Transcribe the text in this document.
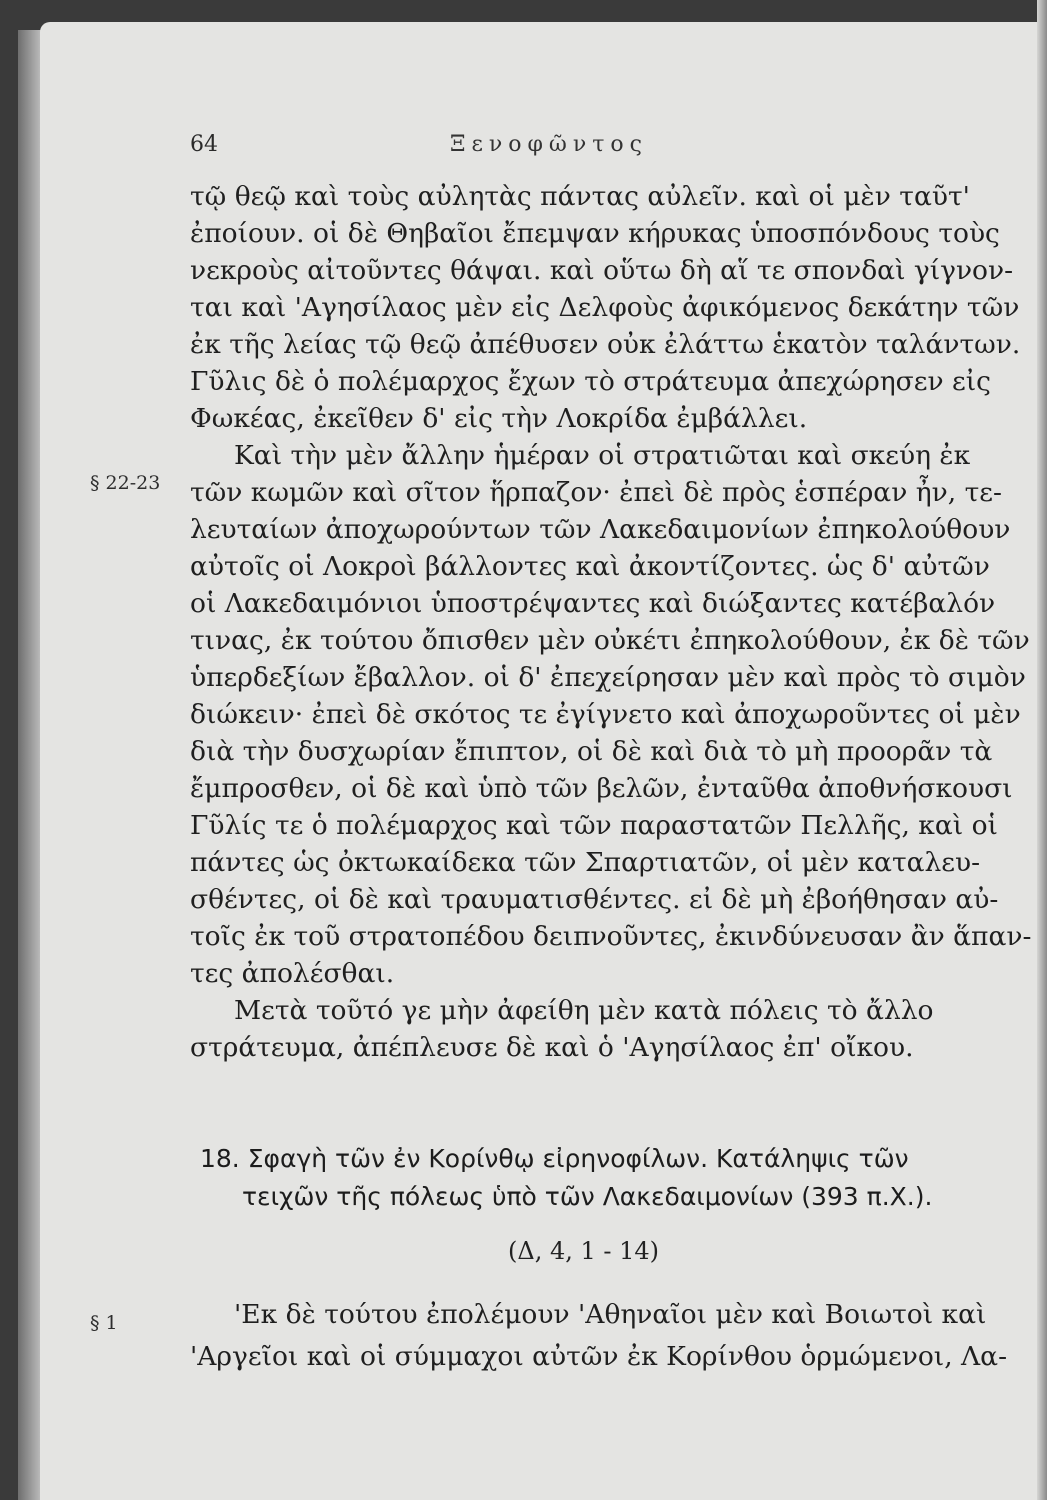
64	Ξενοφῶντος
τῷ θεῷ καὶ τοὺς αὐλητὰς πάντας αὐλεῖν. καὶ οἱ μὲν ταῦτ'
ἐποίουν. οἱ δὲ Θηβαῖοι ἔπεμψαν κήρυκας ὑποσπόνδους τοὺς
νεκροὺς αἰτοῦντες θάψαι. καὶ οὕτω δὴ αἵ τε σπονδαὶ γίγνον-
ται καὶ 'Αγησίλαος μὲν εἰς Δελφοὺς ἀφικόμενος δεκάτην τῶν
ἐκ τῆς λείας τῷ θεῷ ἀπέθυσεν οὐκ ἐλάττω ἑκατὸν ταλάντων.
Γῦλις δὲ ὁ πολέμαρχος ἔχων τὸ στράτευμα ἀπεχώρησεν εἰς
Φωκέας, ἐκεῖθεν δ' εἰς τὴν Λοκρίδα ἐμβάλλει.
Καὶ τὴν μὲν ἄλλην ἡμέραν οἱ στρατιῶται καὶ σκεύη ἐκ
τῶν κωμῶν καὶ σῖτον ἥρπαζον· ἐπεὶ δὲ πρὸς ἑσπέραν ἦν, τε-
λευταίων ἀποχωρούντων τῶν Λακεδαιμονίων ἐπηκολούθουν
αὐτοῖς οἱ Λοκροὶ βάλλοντες καὶ ἀκοντίζοντες. ὡς δ' αὐτῶν
οἱ Λακεδαιμόνιοι ὑποστρέψαντες καὶ διώξαντες κατέβαλόν
τινας, ἐκ τούτου ὄπισθεν μὲν οὐκέτι ἐπηκολούθουν, ἐκ δὲ τῶν
ὑπερδεξίων ἔβαλλον. οἱ δ' ἐπεχείρησαν μὲν καὶ πρὸς τὸ σιμὸν
διώκειν· ἐπεὶ δὲ σκότος τε ἐγίγνετο καὶ ἀποχωροῦντες οἱ μὲν
διὰ τὴν δυσχωρίαν ἔπιπτον, οἱ δὲ καὶ διὰ τὸ μὴ προορᾶν τὰ
ἔμπροσθεν, οἱ δὲ καὶ ὑπὸ τῶν βελῶν, ἐνταῦθα ἀποθνήσκουσι
Γῦλίς τε ὁ πολέμαρχος καὶ τῶν παραστατῶν Πελλῆς, καὶ οἱ
πάντες ὡς ὀκτωκαίδεκα τῶν Σπαρτιατῶν, οἱ μὲν καταλευ-
σθέντες, οἱ δὲ καὶ τραυματισθέντες. εἰ δὲ μὴ ἐβοήθησαν αὐ-
τοῖς ἐκ τοῦ στρατοπέδου δειπνοῦντες, ἐκινδύνευσαν ἂν ἅπαν-
τες ἀπολέσθαι.
Μετὰ τοῦτό γε μὴν ἀφείθη μὲν κατὰ πόλεις τὸ ἄλλο
στράτευμα, ἀπέπλευσε δὲ καὶ ὁ 'Αγησίλαος ἐπ' οἴκου.
§ 22-23
18. Σφαγὴ τῶν ἐν Κορίνθῳ εἰρηνοφίλων. Κατάληψις τῶν
τειχῶν τῆς πόλεως ὑπὸ τῶν Λακεδαιμονίων (393 π.Χ.).
(Δ, 4, 1 - 14)
§ 1	'Εκ δὲ τούτου ἐπολέμουν 'Αθηναῖοι μὲν καὶ Βοιωτοὶ καὶ
'Αργεῖοι καὶ οἱ σύμμαχοι αὐτῶν ἐκ Κορίνθου ὁρμώμενοι, Λα-
